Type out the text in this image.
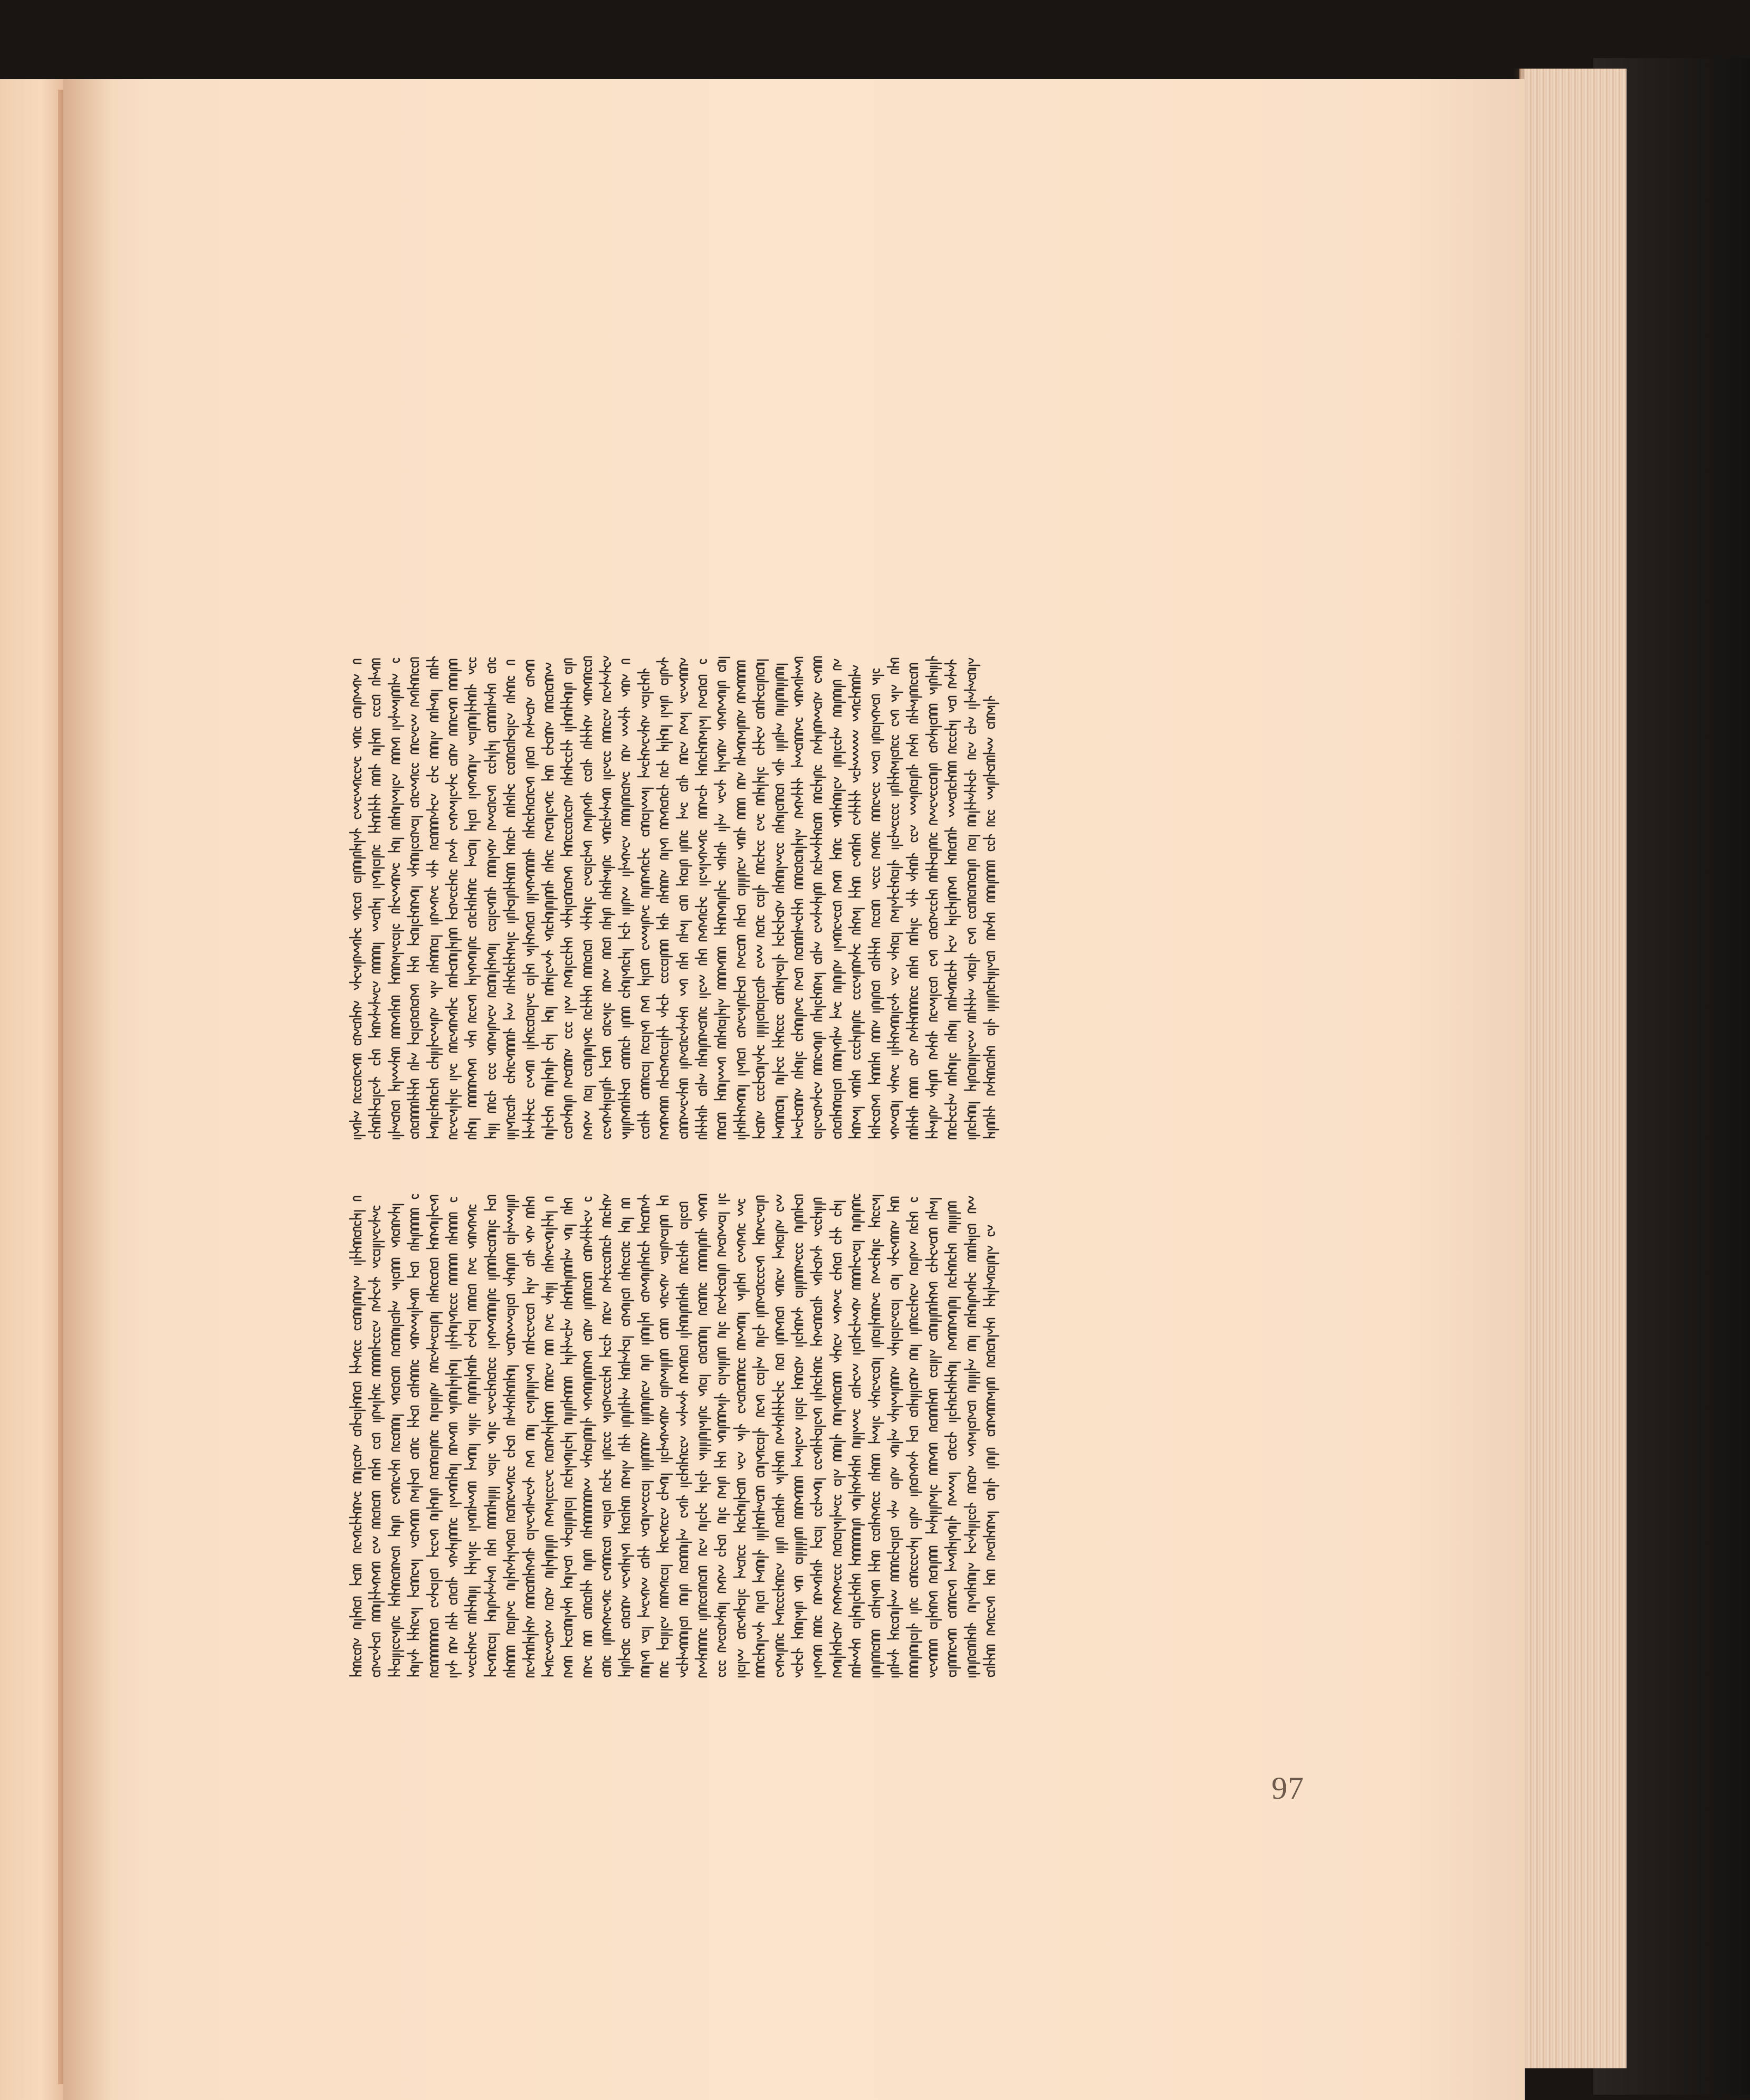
97
